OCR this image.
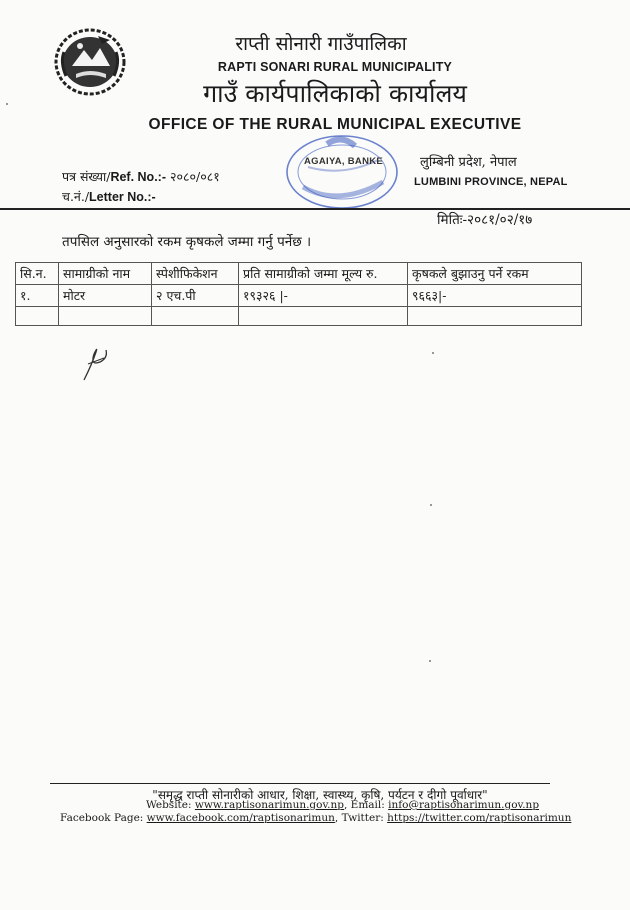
राप्ती सोनारी गाउँपालिका
RAPTI SONARI RURAL MUNICIPALITY
गाउँ कार्यपालिकाको कार्यालय
OFFICE OF THE RURAL MUNICIPAL EXECUTIVE
AGAIYA, BANKE
पत्र संख्या/Ref. No.:- २०८०/०८१
च.नं./Letter No.:-
लुम्बिनी प्रदेश, नेपाल
LUMBINI PROVINCE, NEPAL
मितिः-२०८१/०२/१७
तपसिल अनुसारको रकम कृषकले जम्मा गर्नु पर्नेछ ।
सि.न.	सामाग्रीको नाम	स्पेशीफिकेशन	प्रति सामाग्रीको जम्मा मूल्य रु.	कृषकले बुझाउनु पर्ने रकम
१.	मोटर	२ एच.पी	१९३२६ |-	९६६३|-

"समृद्ध राप्ती सोनारीको आधार, शिक्षा, स्वास्थ्य, कृषि, पर्यटन र दीगो पूर्वाधार"
Website: www.raptisonarimun.gov.np, Email: info@raptisonarimun.gov.np
Facebook Page: www.facebook.com/raptisonarimun, Twitter: https://twitter.com/raptisonarimun
